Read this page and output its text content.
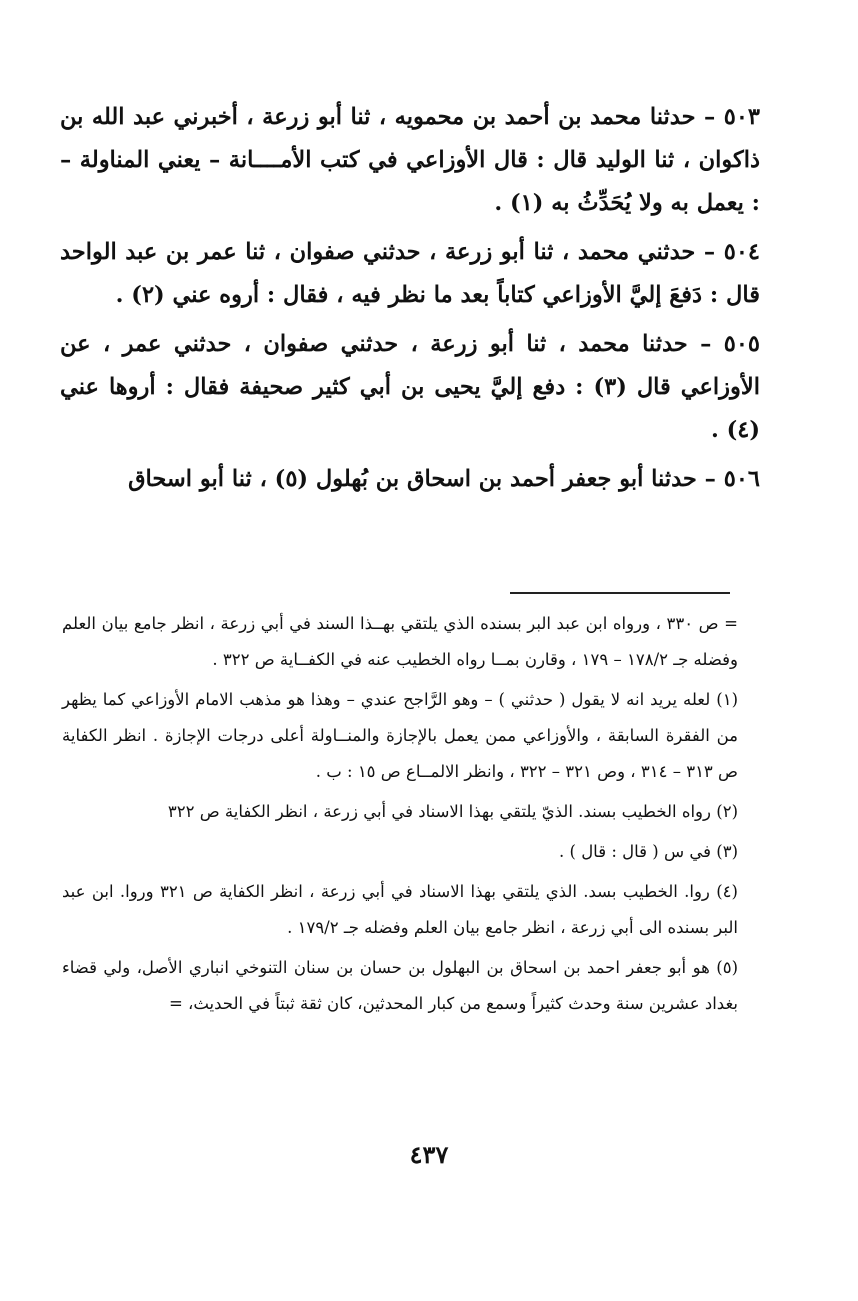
٥٠٣ – حدثنا محمد بن أحمد بن محمويه ، ثنا أبو زرعة ، أخبرني عبد الله بن ذاكوان ، ثنا الوليد قال : قال الأوزاعي في كتب الأمــــانة – يعني المناولة – : يعمل به ولا يُحَدِّثُ به (١) .

٥٠٤ – حدثني محمد ، ثنا أبو زرعة ، حدثني صفوان ، ثنا عمر بن عبد الواحد قال : دَفعَ إليَّ الأوزاعي كتاباً بعد ما نظر فيه ، فقال : أروه عني (٢) .

٥٠٥ – حدثنا محمد ، ثنا أبو زرعة ، حدثني صفوان ، حدثني عمر ، عن الأوزاعي قال (٣) : دفع إليَّ يحيى بن أبي كثير صحيفة فقال : أروها عني (٤) .

٥٠٦ – حدثنا أبو جعفر أحمد بن اسحاق بن بُهلول (٥) ، ثنا أبو اسحاق

= ص ٣٣٠ ، ورواه ابن عبد البر بسنده الذي يلتقي بهــذا السند في أبي زرعة ، انظر جامع بيان العلم وفضله جـ ١٧٨/٢ – ١٧٩ ، وقارن بمــا رواه الخطيب عنه في الكفــاية ص ٣٢٢ .

(١) لعله يريد انه لا يقول ( حدثني ) – وهو الرَّاجح عندي – وهذا هو مذهب الامام الأوزاعي كما يظهر من الفقرة السابقة ، والأوزاعي ممن يعمل بالإجازة والمنــاولة أعلى درجات الإجازة . انظر الكفاية ص ٣١٣ – ٣١٤ ، وص ٣٢١ – ٣٢٢ ، وانظر الالمــاع ص ١٥ : ب .

(٢) رواه الخطيب بسند. الذيّ يلتقي بهذا الاسناد في أبي زرعة ، انظر الكفاية ص ٣٢٢

(٣) في س ( قال : قال ) .

(٤) روا. الخطيب بسد. الذي يلتقي بهذا الاسناد في أبي زرعة ، انظر الكفاية ص ٣٢١ وروا. ابن عبد البر بسنده الى أبي زرعة ، انظر جامع بيان العلم وفضله جـ ١٧٩/٢ .

(٥) هو أبو جعفر احمد بن اسحاق بن البهلول بن حسان بن سنان التنوخي انباري الأصل، ولي قضاء بغداد عشرين سنة وحدث كثيراً وسمع من كبار المحدثين، كان ثقة ثبتاً في الحديث، =

٤٣٧
